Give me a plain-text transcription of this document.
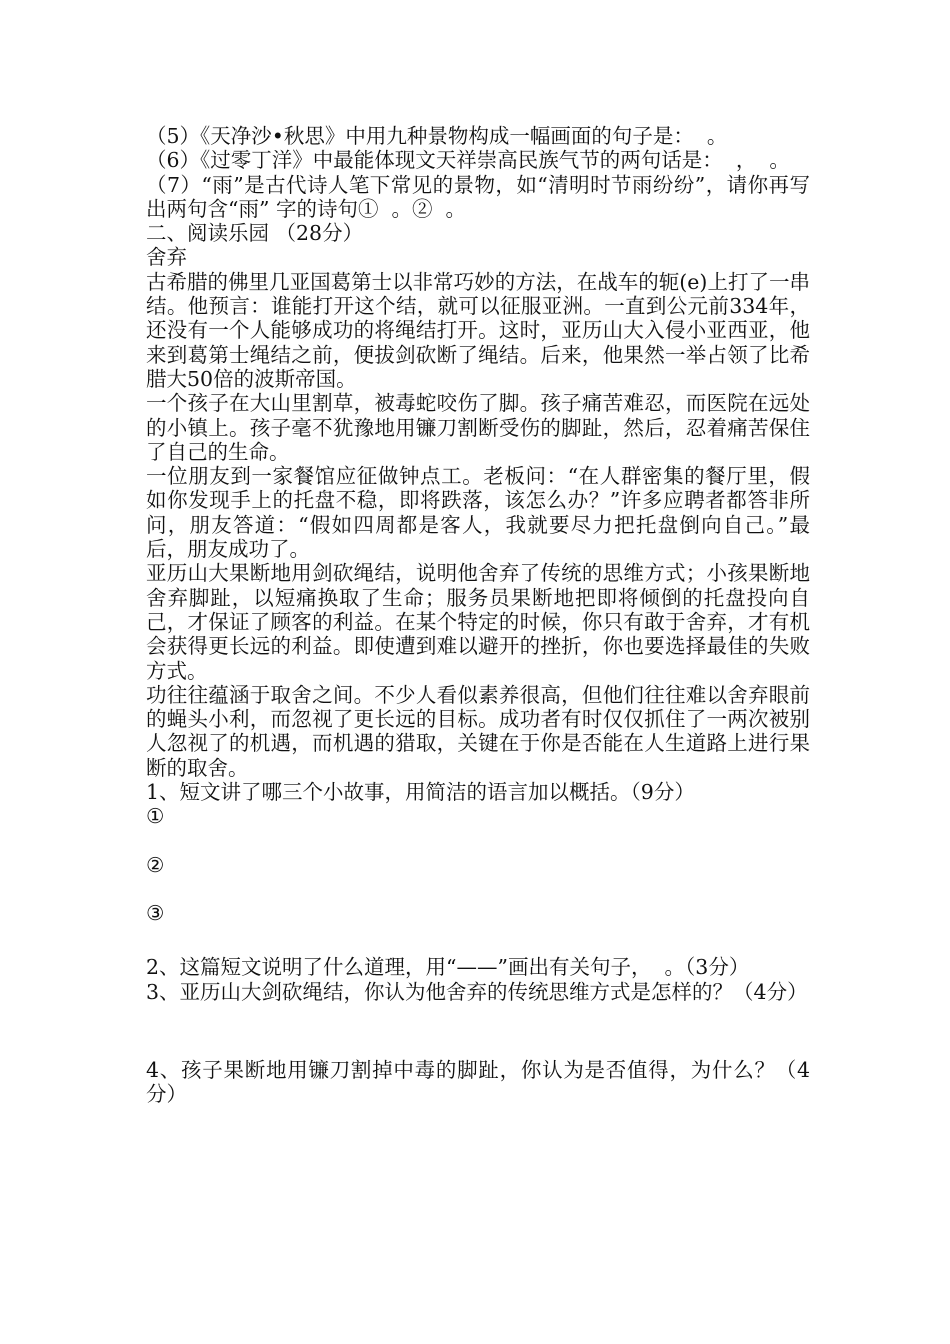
（5）《天净沙•秋思》中用九种景物构成一幅画面的句子是：  。
（6）《过零丁洋》中最能体现文天祥崇高民族气节的两句话是：  ，  。
（7）“雨”是古代诗人笔下常见的景物，如“清明时节雨纷纷”，请你再写出两句含“雨” 字的诗句①  。②  。
二、阅读乐园 （28分）
舍弃
古希腊的佛里几亚国葛第士以非常巧妙的方法，在战车的轭(e)上打了一串结。他预言：谁能打开这个结，就可以征服亚洲。一直到公元前334年，还没有一个人能够成功的将绳结打开。这时，亚历山大入侵小亚西亚，他来到葛第士绳结之前，便拔剑砍断了绳结。后来，他果然一举占领了比希腊大50倍的波斯帝国。
一个孩子在大山里割草，被毒蛇咬伤了脚。孩子痛苦难忍，而医院在远处的小镇上。孩子毫不犹豫地用镰刀割断受伤的脚趾，然后，忍着痛苦保住了自己的生命。
一位朋友到一家餐馆应征做钟点工。老板问：“在人群密集的餐厅里，假如你发现手上的托盘不稳，即将跌落，该怎么办？”许多应聘者都答非所问，朋友答道：“假如四周都是客人，我就要尽力把托盘倒向自己。”最后，朋友成功了。
亚历山大果断地用剑砍绳结，说明他舍弃了传统的思维方式；小孩果断地舍弃脚趾，以短痛换取了生命；服务员果断地把即将倾倒的托盘投向自己，才保证了顾客的利益。在某个特定的时候，你只有敢于舍弃，才有机会获得更长远的利益。即使遭到难以避开的挫折，你也要选择最佳的失败方式。
功往往蕴涵于取舍之间。不少人看似素养很高，但他们往往难以舍弃眼前的蝇头小利，而忽视了更长远的目标。成功者有时仅仅抓住了一两次被别人忽视了的机遇，而机遇的猎取，关键在于你是否能在人生道路上进行果断的取舍。
1、短文讲了哪三个小故事，用简洁的语言加以概括。（9分）
①
②
③
2、这篇短文说明了什么道理，用“——”画出有关句子，  。（3分）
3、亚历山大剑砍绳结，你认为他舍弃的传统思维方式是怎样的？（4分）
4、孩子果断地用镰刀割掉中毒的脚趾，你认为是否值得，为什么？（4分）
